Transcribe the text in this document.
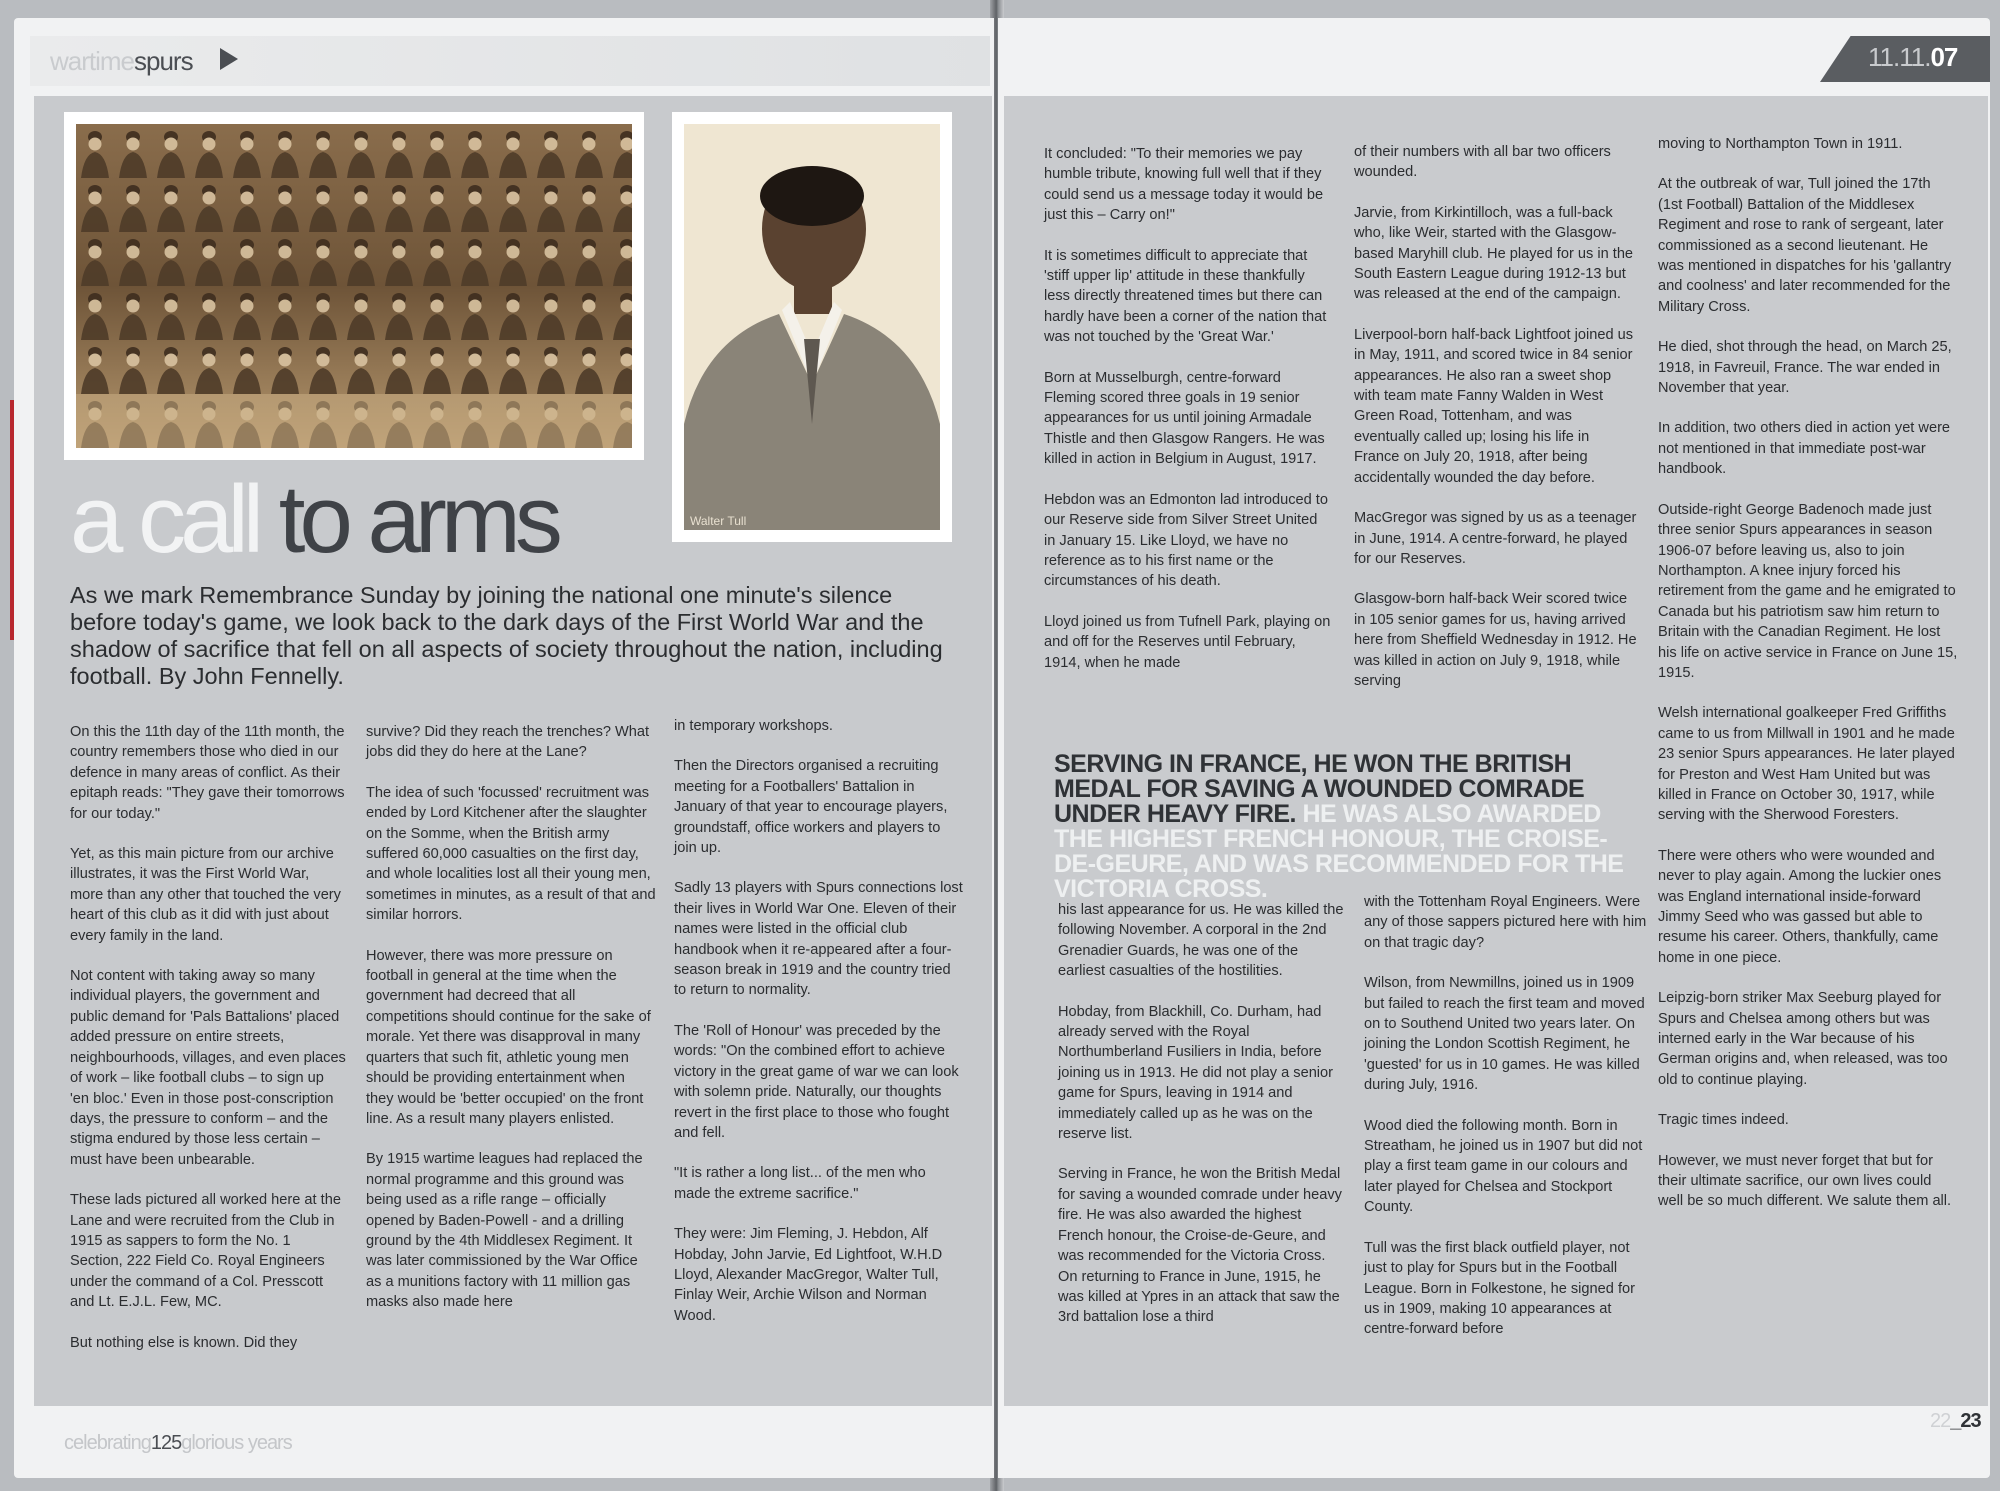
wartimespurs	11.11.07
Walter Tull
a call to arms
As we mark Remembrance Sunday by joining the national one minute's silence before today's game, we look back to the dark days of the First World War and the shadow of sacrifice that fell on all aspects of society throughout the nation, including football. By John Fennelly.

On this the 11th day of the 11th month, the country remembers those who died in our defence in many areas of conflict. As their epitaph reads: "They gave their tomorrows for our today."

Yet, as this main picture from our archive illustrates, it was the First World War, more than any other that touched the very heart of this club as it did with just about every family in the land.

Not content with taking away so many individual players, the government and public demand for 'Pals Battalions' placed added pressure on entire streets, neighbourhoods, villages, and even places of work – like football clubs – to sign up 'en bloc.' Even in those post-conscription days, the pressure to conform – and the stigma endured by those less certain – must have been unbearable.

These lads pictured all worked here at the Lane and were recruited from the Club in 1915 as sappers to form the No. 1 Section, 222 Field Co. Royal Engineers under the command of a Col. Presscott and Lt. E.J.L. Few, MC.

But nothing else is known. Did they

survive? Did they reach the trenches? What jobs did they do here at the Lane?

The idea of such 'focussed' recruitment was ended by Lord Kitchener after the slaughter on the Somme, when the British army suffered 60,000 casualties on the first day, and whole localities lost all their young men, sometimes in minutes, as a result of that and similar horrors.

However, there was more pressure on football in general at the time when the government had decreed that all competitions should continue for the sake of morale. Yet there was disapproval in many quarters that such fit, athletic young men should be providing entertainment when they would be 'better occupied' on the front line. As a result many players enlisted.

By 1915 wartime leagues had replaced the normal programme and this ground was being used as a rifle range – officially opened by Baden-Powell - and a drilling ground by the 4th Middlesex Regiment. It was later commissioned by the War Office as a munitions factory with 11 million gas masks also made here

in temporary workshops.

Then the Directors organised a recruiting meeting for a Footballers' Battalion in January of that year to encourage players, groundstaff, office workers and players to join up.

Sadly 13 players with Spurs connections lost their lives in World War One. Eleven of their names were listed in the official club handbook when it re-appeared after a four-season break in 1919 and the country tried to return to normality.

The 'Roll of Honour' was preceded by the words: "On the combined effort to achieve victory in the great game of war we can look with solemn pride. Naturally, our thoughts revert in the first place to those who fought and fell.

"It is rather a long list... of the men who made the extreme sacrifice."

They were: Jim Fleming, J. Hebdon, Alf Hobday, John Jarvie, Ed Lightfoot, W.H.D Lloyd, Alexander MacGregor, Walter Tull, Finlay Weir, Archie Wilson and Norman Wood.

It concluded: "To their memories we pay humble tribute, knowing full well that if they could send us a message today it would be just this – Carry on!"

It is sometimes difficult to appreciate that 'stiff upper lip' attitude in these thankfully less directly threatened times but there can hardly have been a corner of the nation that was not touched by the 'Great War.'

Born at Musselburgh, centre-forward Fleming scored three goals in 19 senior appearances for us until joining Armadale Thistle and then Glasgow Rangers. He was killed in action in Belgium in August, 1917.

Hebdon was an Edmonton lad introduced to our Reserve side from Silver Street United in January 15. Like Lloyd, we have no reference as to his first name or the circumstances of his death.

Lloyd joined us from Tufnell Park, playing on and off for the Reserves until February, 1914, when he made

of their numbers with all bar two officers wounded.

Jarvie, from Kirkintilloch, was a full-back who, like Weir, started with the Glasgow-based Maryhill club. He played for us in the South Eastern League during 1912-13 but was released at the end of the campaign.

Liverpool-born half-back Lightfoot joined us in May, 1911, and scored twice in 84 senior appearances. He also ran a sweet shop with team mate Fanny Walden in West Green Road, Tottenham, and was eventually called up; losing his life in France on July 20, 1918, after being accidentally wounded the day before.

MacGregor was signed by us as a teenager in June, 1914. A centre-forward, he played for our Reserves.

Glasgow-born half-back Weir scored twice in 105 senior games for us, having arrived here from Sheffield Wednesday in 1912. He was killed in action on July 9, 1918, while serving

moving to Northampton Town in 1911.

At the outbreak of war, Tull joined the 17th (1st Football) Battalion of the Middlesex Regiment and rose to rank of sergeant, later commissioned as a second lieutenant. He was mentioned in dispatches for his 'gallantry and coolness' and later recommended for the Military Cross.

He died, shot through the head, on March 25, 1918, in Favreuil, France. The war ended in November that year.

In addition, two others died in action yet were not mentioned in that immediate post-war handbook.

Outside-right George Badenoch made just three senior Spurs appearances in season 1906-07 before leaving us, also to join Northampton. A knee injury forced his retirement from the game and he emigrated to Canada but his patriotism saw him return to Britain with the Canadian Regiment. He lost his life on active service in France on June 15, 1915.

Welsh international goalkeeper Fred Griffiths came to us from Millwall in 1901 and he made 23 senior Spurs appearances. He later played for Preston and West Ham United but was killed in France on October 30, 1917, while serving with the Sherwood Foresters.

There were others who were wounded and never to play again. Among the luckier ones was England international inside-forward Jimmy Seed who was gassed but able to resume his career. Others, thankfully, came home in one piece.

Leipzig-born striker Max Seeburg played for Spurs and Chelsea among others but was interned early in the War because of his German origins and, when released, was too old to continue playing.

Tragic times indeed.

However, we must never forget that but for their ultimate sacrifice, our own lives could well be so much different. We salute them all.

SERVING IN FRANCE, HE WON THE BRITISH MEDAL FOR SAVING A WOUNDED COMRADE UNDER HEAVY FIRE. HE WAS ALSO AWARDED THE HIGHEST FRENCH HONOUR, THE CROISE-DE-GEURE, AND WAS RECOMMENDED FOR THE VICTORIA CROSS.

his last appearance for us. He was killed the following November. A corporal in the 2nd Grenadier Guards, he was one of the earliest casualties of the hostilities.

Hobday, from Blackhill, Co. Durham, had already served with the Royal Northumberland Fusiliers in India, before joining us in 1913. He did not play a senior game for Spurs, leaving in 1914 and immediately called up as he was on the reserve list.

Serving in France, he won the British Medal for saving a wounded comrade under heavy fire. He was also awarded the highest French honour, the Croise-de-Geure, and was recommended for the Victoria Cross. On returning to France in June, 1915, he was killed at Ypres in an attack that saw the 3rd battalion lose a third

with the Tottenham Royal Engineers. Were any of those sappers pictured here with him on that tragic day?

Wilson, from Newmillns, joined us in 1909 but failed to reach the first team and moved on to Southend United two years later. On joining the London Scottish Regiment, he 'guested' for us in 10 games. He was killed during July, 1916.

Wood died the following month. Born in Streatham, he joined us in 1907 but did not play a first team game in our colours and later played for Chelsea and Stockport County.

Tull was the first black outfield player, not just to play for Spurs but in the Football League. Born in Folkestone, he signed for us in 1909, making 10 appearances at centre-forward before

celebrating125glorious years
22_23
